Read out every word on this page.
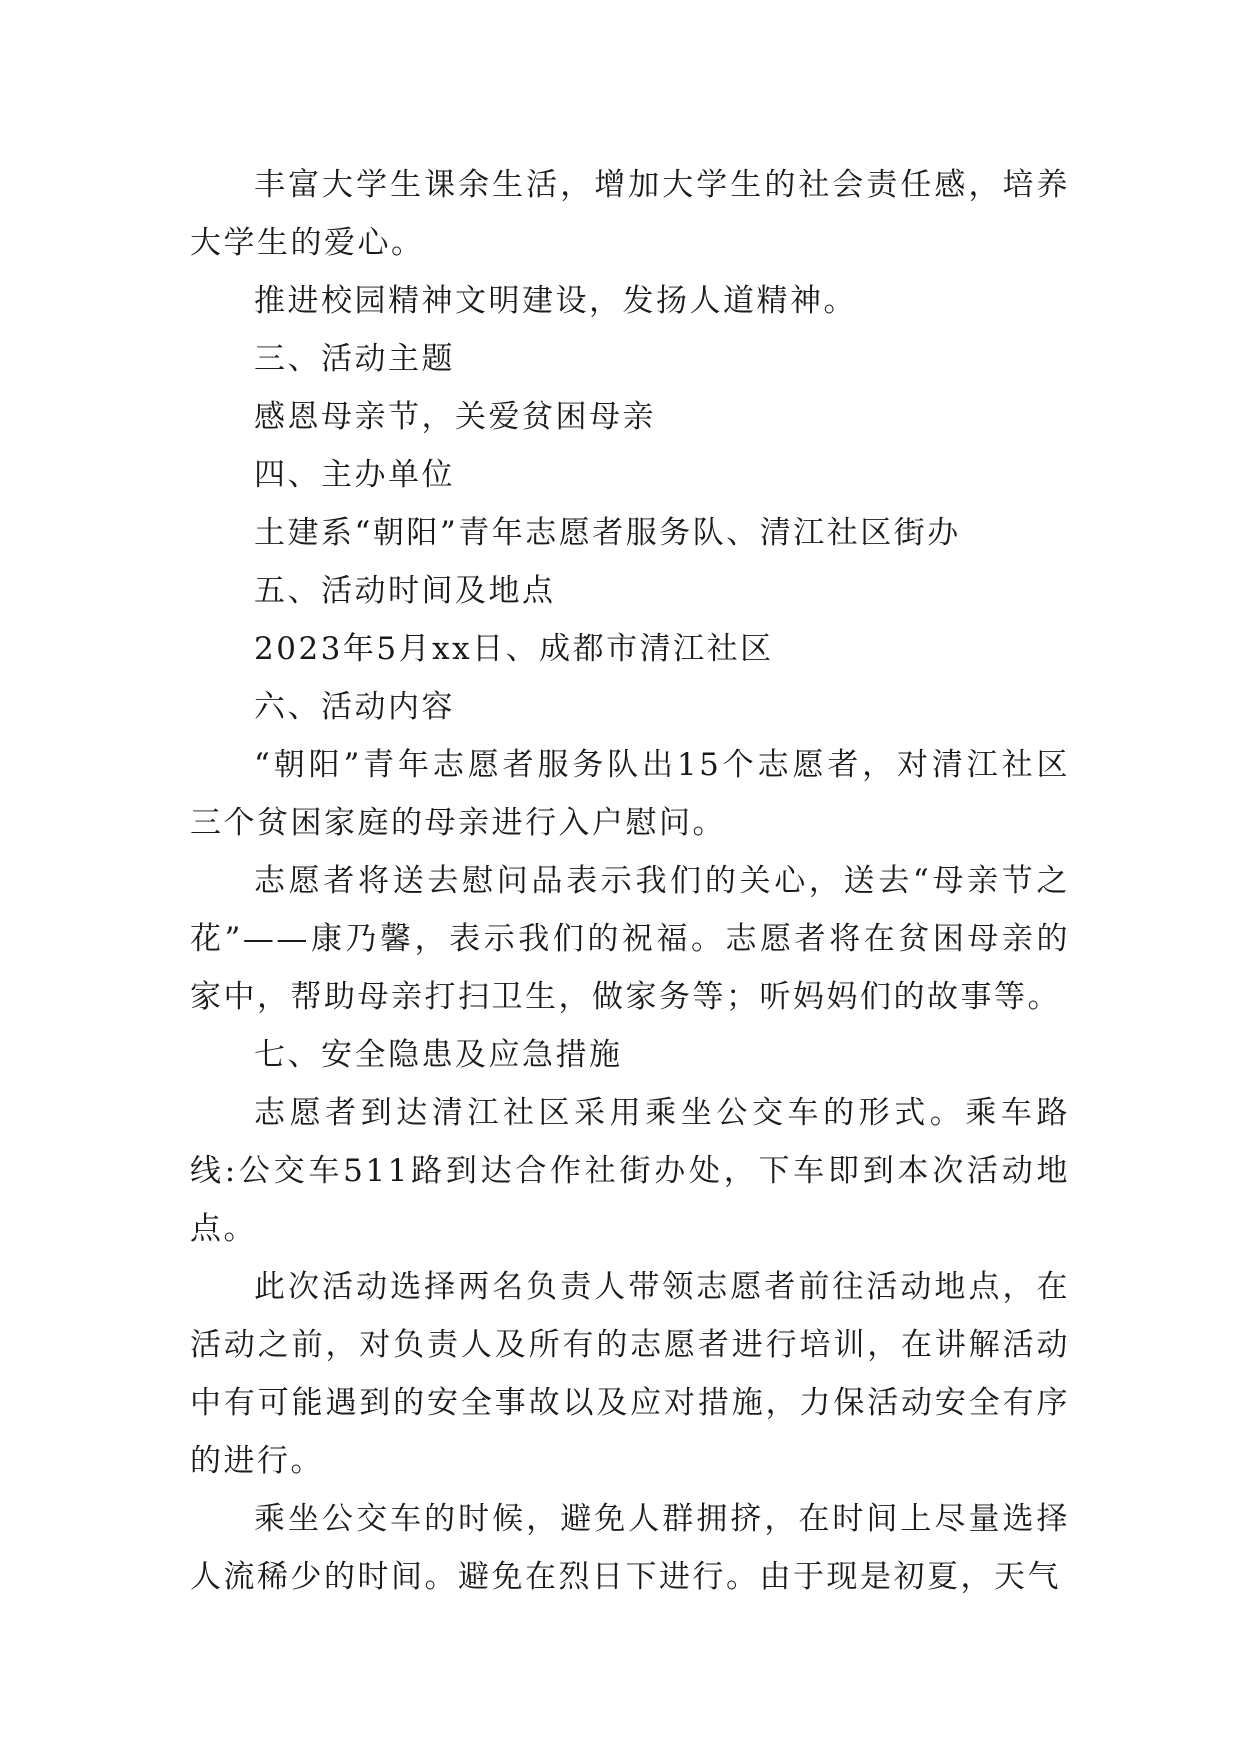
丰富大学生课余生活，增加大学生的社会责任感，培养大学生的爱心。

推进校园精神文明建设，发扬人道精神。

三、活动主题

感恩母亲节，关爱贫困母亲

四、主办单位

土建系“朝阳”青年志愿者服务队、清江社区街办

五、活动时间及地点

2023年5月xx日、成都市清江社区

六、活动内容

“朝阳”青年志愿者服务队出15个志愿者，对清江社区三个贫困家庭的母亲进行入户慰问。

志愿者将送去慰问品表示我们的关心，送去“母亲节之花”——康乃馨，表示我们的祝福。志愿者将在贫困母亲的家中，帮助母亲打扫卫生，做家务等；听妈妈们的故事等。

七、安全隐患及应急措施

志愿者到达清江社区采用乘坐公交车的形式。乘车路线:公交车511路到达合作社街办处，下车即到本次活动地点。

此次活动选择两名负责人带领志愿者前往活动地点，在活动之前，对负责人及所有的志愿者进行培训，在讲解活动中有可能遇到的安全事故以及应对措施，力保活动安全有序的进行。

乘坐公交车的时候，避免人群拥挤，在时间上尽量选择人流稀少的时间。避免在烈日下进行。由于现是初夏，天气
